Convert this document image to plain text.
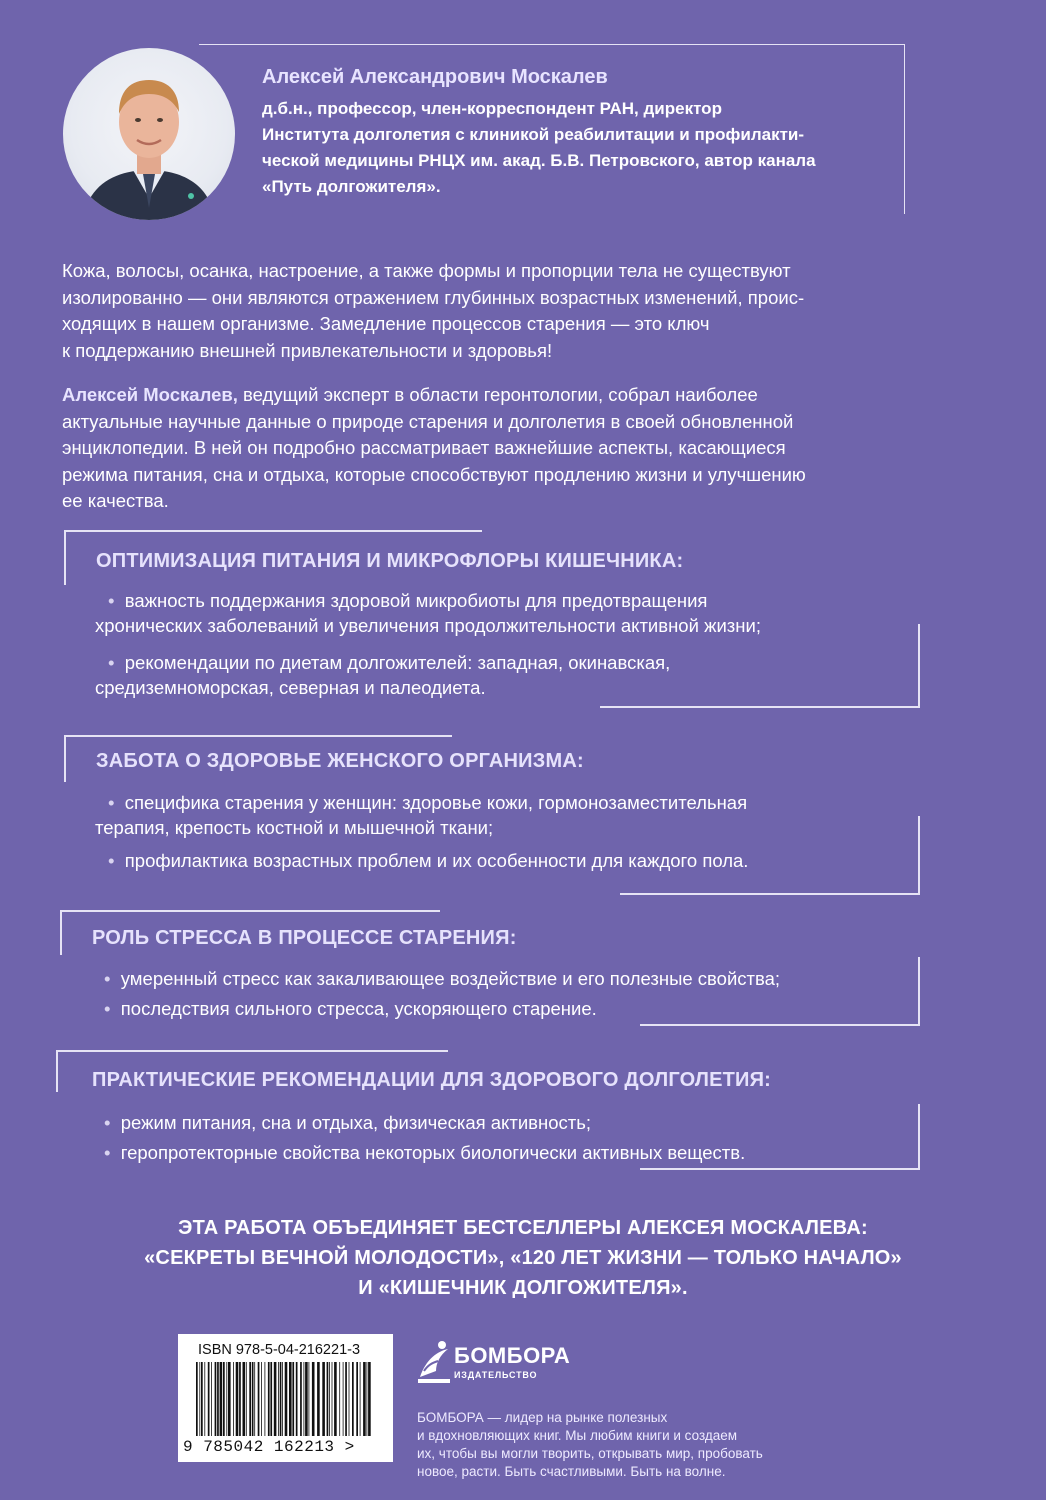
Алексей Александрович Москалев
д.б.н., профессор, член-корреспондент РАН, директор
Института долголетия с клиникой реабилитации и профилакти-
ческой медицины РНЦХ им. акад. Б.В. Петровского, автор канала
«Путь долгожителя».

Кожа, волосы, осанка, настроение, а также формы и пропорции тела не существуют
изолированно — они являются отражением глубинных возрастных изменений, проис-
ходящих в нашем организме. Замедление процессов старения — это ключ
к поддержанию внешней привлекательности и здоровья!

Алексей Москалев, ведущий эксперт в области геронтологии, собрал наиболее
актуальные научные данные о природе старения и долголетия в своей обновленной
энциклопедии. В ней он подробно рассматривает важнейшие аспекты, касающиеся
режима питания, сна и отдыха, которые способствуют продлению жизни и улучшению
ее качества.

ОПТИМИЗАЦИЯ ПИТАНИЯ И МИКРОФЛОРЫ КИШЕЧНИКА:
•  важность поддержания здоровой микробиоты для предотвращения
хронических заболеваний и увеличения продолжительности активной жизни;
•  рекомендации по диетам долгожителей: западная, окинавская,
средиземноморская, северная и палеодиета.
ЗАБОТА О ЗДОРОВЬЕ ЖЕНСКОГО ОРГАНИЗМА:
•  специфика старения у женщин: здоровье кожи, гормонозаместительная
терапия, крепость костной и мышечной ткани;
•  профилактика возрастных проблем и их особенности для каждого пола.
РОЛЬ СТРЕССА В ПРОЦЕССЕ СТАРЕНИЯ:
•  умеренный стресс как закаливающее воздействие и его полезные свойства;
•  последствия сильного стресса, ускоряющего старение.
ПРАКТИЧЕСКИЕ РЕКОМЕНДАЦИИ ДЛЯ ЗДОРОВОГО ДОЛГОЛЕТИЯ:
•  режим питания, сна и отдыха, физическая активность;
•  геропротекторные свойства некоторых биологически активных веществ.
ЭТА РАБОТА ОБЪЕДИНЯЕТ БЕСТСЕЛЛЕРЫ АЛЕКСЕЯ МОСКАЛЕВА:
«СЕКРЕТЫ ВЕЧНОЙ МОЛОДОСТИ», «120 ЛЕТ ЖИЗНИ — ТОЛЬКО НАЧАЛО»
И «КИШЕЧНИК ДОЛГОЖИТЕЛЯ».
ISBN 978-5-04-216221-3
9 785042 162213 >
БОМБОРА
ИЗДАТЕЛЬСТВО
БОМБОРА — лидер на рынке полезных
и вдохновляющих книг. Мы любим книги и создаем
их, чтобы вы могли творить, открывать мир, пробовать
новое, расти. Быть счастливыми. Быть на волне.
